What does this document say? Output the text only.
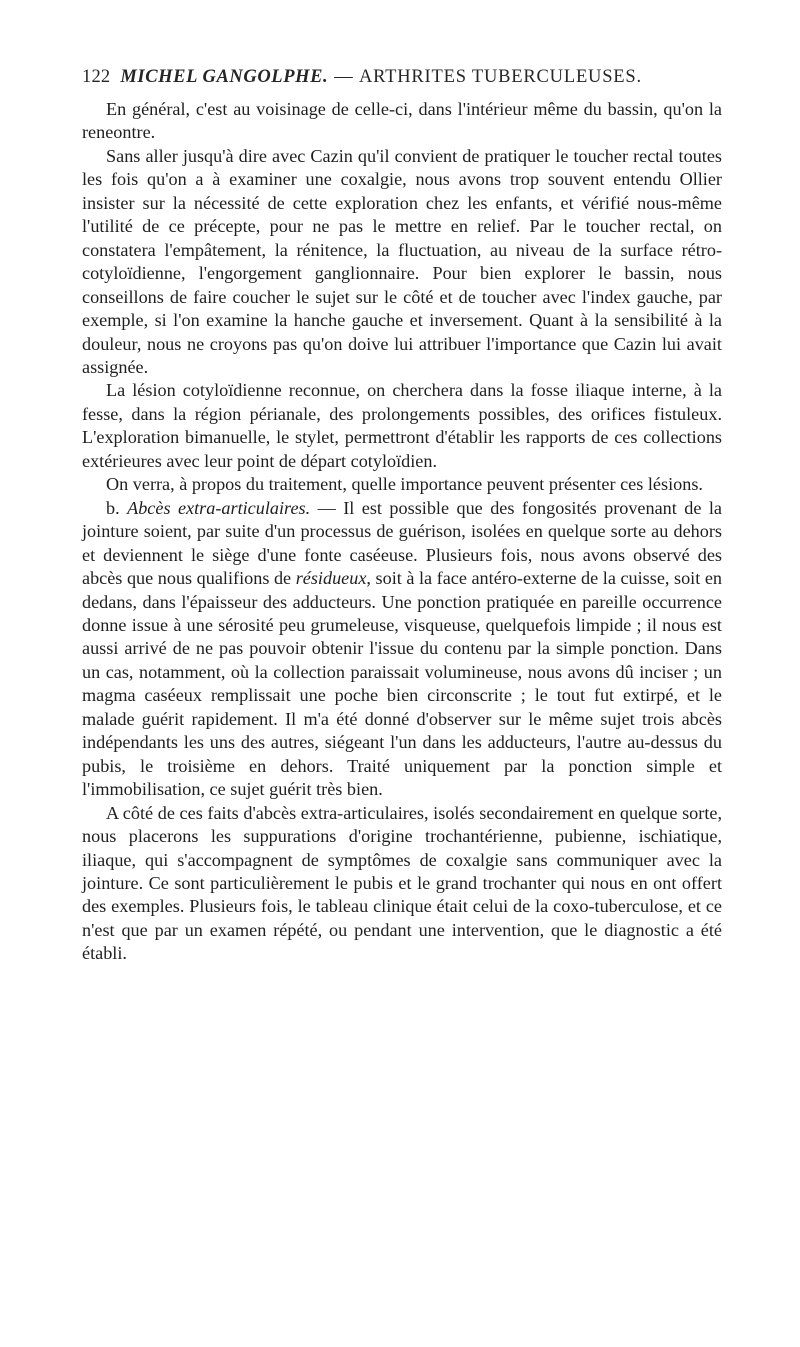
122 MICHEL GANGOLPHE. — ARTHRITES TUBERCULEUSES.

En général, c'est au voisinage de celle-ci, dans l'intérieur même du bassin, qu'on la reneontre.

Sans aller jusqu'à dire avec Cazin qu'il convient de pratiquer le toucher rectal toutes les fois qu'on a à examiner une coxalgie, nous avons trop souvent entendu Ollier insister sur la nécessité de cette exploration chez les enfants, et vérifié nous-même l'utilité de ce précepte, pour ne pas le mettre en relief. Par le toucher rectal, on constatera l'empâtement, la rénitence, la fluctuation, au niveau de la surface rétro-cotyloïdienne, l'engorgement ganglionnaire. Pour bien explorer le bassin, nous conseillons de faire coucher le sujet sur le côté et de toucher avec l'index gauche, par exemple, si l'on examine la hanche gauche et inversement. Quant à la sensibilité à la douleur, nous ne croyons pas qu'on doive lui attribuer l'importance que Cazin lui avait assignée.

La lésion cotyloïdienne reconnue, on cherchera dans la fosse iliaque interne, à la fesse, dans la région périanale, des prolongements possibles, des orifices fistuleux. L'exploration bimanuelle, le stylet, permettront d'établir les rapports de ces collections extérieures avec leur point de départ cotyloïdien.

On verra, à propos du traitement, quelle importance peuvent présenter ces lésions.

b. Abcès extra-articulaires. — Il est possible que des fongosités provenant de la jointure soient, par suite d'un processus de guérison, isolées en quelque sorte au dehors et deviennent le siège d'une fonte caséeuse. Plusieurs fois, nous avons observé des abcès que nous qualifions de résidueux, soit à la face antéro-externe de la cuisse, soit en dedans, dans l'épaisseur des adducteurs. Une ponction pratiquée en pareille occurrence donne issue à une sérosité peu grumeleuse, visqueuse, quelquefois limpide ; il nous est aussi arrivé de ne pas pouvoir obtenir l'issue du contenu par la simple ponction. Dans un cas, notamment, où la collection paraissait volumineuse, nous avons dû inciser ; un magma caséeux remplissait une poche bien circonscrite ; le tout fut extirpé, et le malade guérit rapidement. Il m'a été donné d'observer sur le même sujet trois abcès indépendants les uns des autres, siégeant l'un dans les adducteurs, l'autre au-dessus du pubis, le troisième en dehors. Traité uniquement par la ponction simple et l'immobilisation, ce sujet guérit très bien.

A côté de ces faits d'abcès extra-articulaires, isolés secondairement en quelque sorte, nous placerons les suppurations d'origine trochantérienne, pubienne, ischiatique, iliaque, qui s'accompagnent de symptômes de coxalgie sans communiquer avec la jointure. Ce sont particulièrement le pubis et le grand trochanter qui nous en ont offert des exemples. Plusieurs fois, le tableau clinique était celui de la coxo-tuberculose, et ce n'est que par un examen répété, ou pendant une intervention, que le diagnostic a été établi.
